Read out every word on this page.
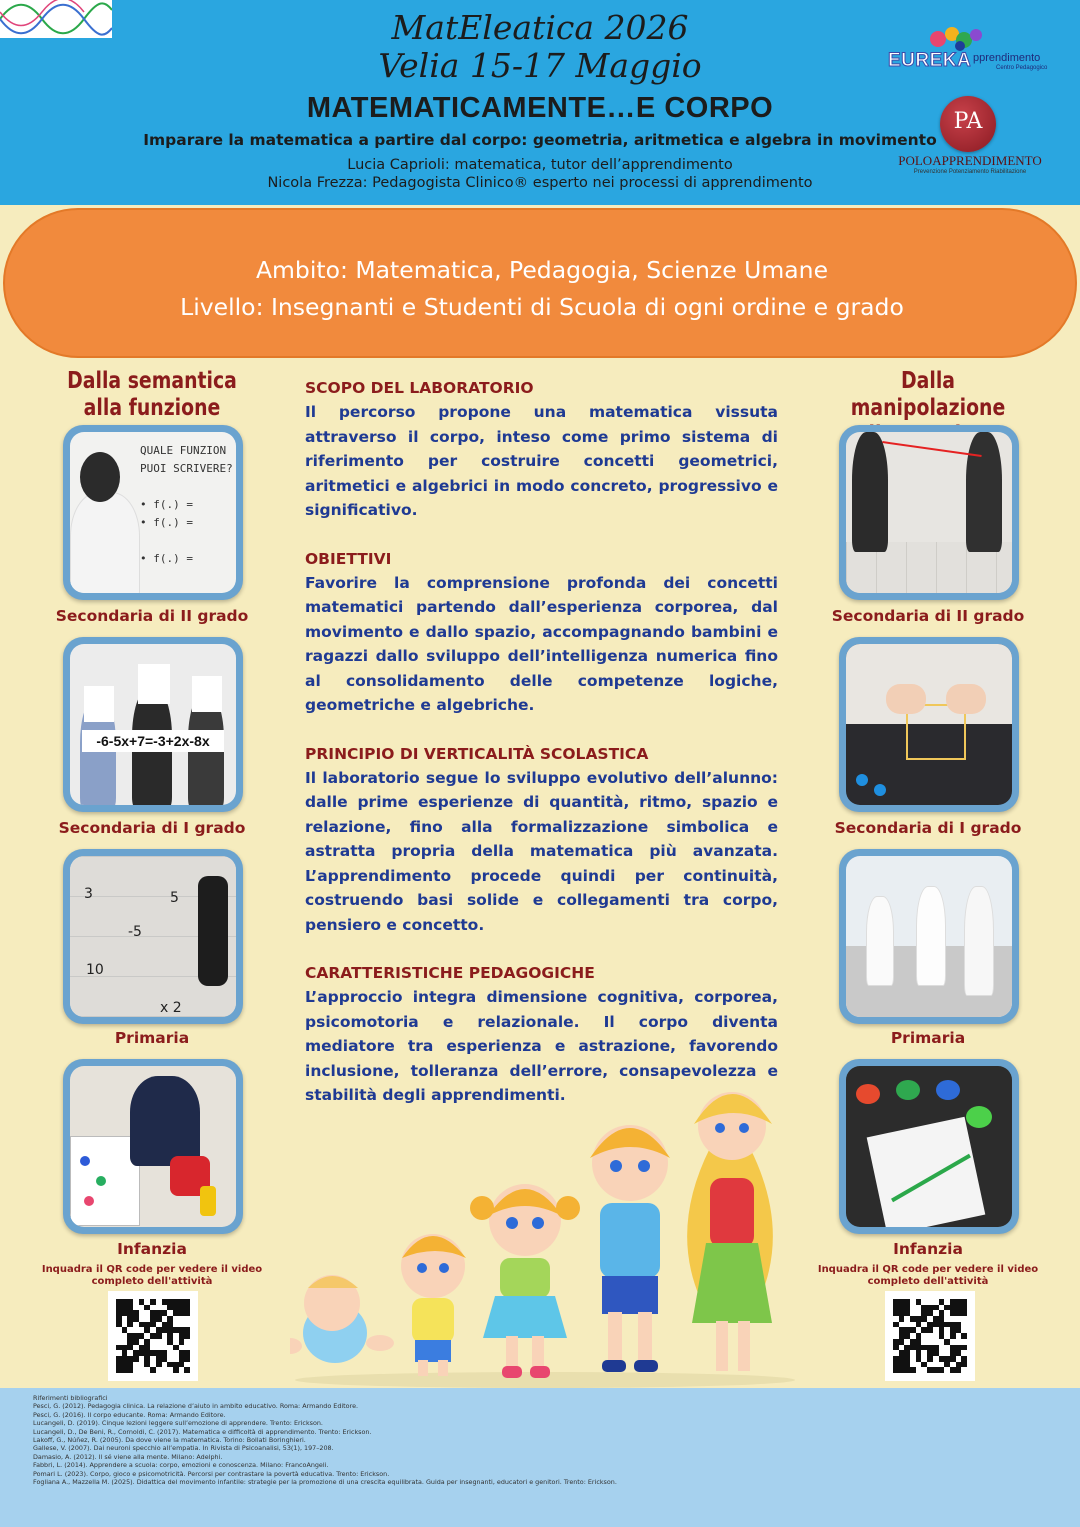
MatEleatica 2026
Velia 15-17 Maggio
MATEMATICAMENTE…E CORPO
Imparare la matematica a partire dal corpo: geometria, aritmetica e algebra in movimento
Lucia Caprioli: matematica, tutor dell’apprendimento
Nicola Frezza: Pedagogista Clinico® esperto nei processi di apprendimento
EUREKA pprendimento
Centro Pedagogico
PA
POLOAPPRENDIMENTO
Prevenzione Potenziamento Riabilitazione
Ambito: Matematica, Pedagogia, Scienze Umane
Livello: Insegnanti e Studenti di Scuola di ogni ordine e grado
Dalla semantica
alla funzione
QUALE FUNZION
PUOI SCRIVERE?

• f(.) =
• f(.) =

• f(.) =
Secondaria di II grado
-6-5x+7=-3+2x-8x
Secondaria di I grado
3	5
-5
10
x 2
Primaria
Infanzia
Inquadra il QR code per vedere il video completo dell'attività
Dalla manipolazione
Secondaria di II grado
Secondaria di I grado
Primaria
Infanzia
Inquadra il QR code per vedere il video completo dell'attività
SCOPO DEL LABORATORIO
Il percorso propone una matematica vissuta attraverso il corpo, inteso come primo sistema di riferimento per costruire concetti geometrici, aritmetici e algebrici in modo concreto, progressivo e significativo.
OBIETTIVI
Favorire la comprensione profonda dei concetti matematici partendo dall’esperienza corporea, dal movimento e dallo spazio, accompagnando bambini e ragazzi dallo sviluppo dell’intelligenza numerica fino al consolidamento delle competenze logiche, geometriche e algebriche.
PRINCIPIO DI VERTICALITÀ SCOLASTICA
Il laboratorio segue lo sviluppo evolutivo dell’alunno: dalle prime esperienze di quantità, ritmo, spazio e relazione, fino alla formalizzazione simbolica e astratta propria della matematica più avanzata. L’apprendimento procede quindi per continuità, costruendo basi solide e collegamenti tra corpo, pensiero e concetto.
CARATTERISTICHE PEDAGOGICHE
L’approccio integra dimensione cognitiva, corporea, psicomotoria e relazionale. Il corpo diventa mediatore tra esperienza e astrazione, favorendo inclusione, tolleranza dell’errore, consapevolezza e stabilità degli apprendimenti.
Riferimenti bibliografici
Pesci, G. (2012). Pedagogia clinica. La relazione d’aiuto in ambito educativo. Roma: Armando Editore.
Pesci, G. (2016). Il corpo educante. Roma: Armando Editore.
Lucangeli, D. (2019). Cinque lezioni leggere sull’emozione di apprendere. Trento: Erickson.
Lucangeli, D., De Beni, R., Cornoldi, C. (2017). Matematica e difficoltà di apprendimento. Trento: Erickson.
Lakoff, G., Núñez, R. (2005). Da dove viene la matematica. Torino: Bollati Boringhieri.
Gallese, V. (2007). Dai neuroni specchio all’empatia. In Rivista di Psicoanalisi, 53(1), 197–208.
Damasio, A. (2012). Il sé viene alla mente. Milano: Adelphi.
Fabbri, L. (2014). Apprendere a scuola: corpo, emozioni e conoscenza. Milano: FrancoAngeli.
Pomari L. (2023). Corpo, gioco e psicomotricità. Percorsi per contrastare la povertà educativa. Trento: Erickson.
Fogliana A., Mazzella M. (2025). Didattica del movimento infantile: strategie per la promozione di una crescita equilibrata. Guida per insegnanti, educatori e genitori. Trento: Erickson.
